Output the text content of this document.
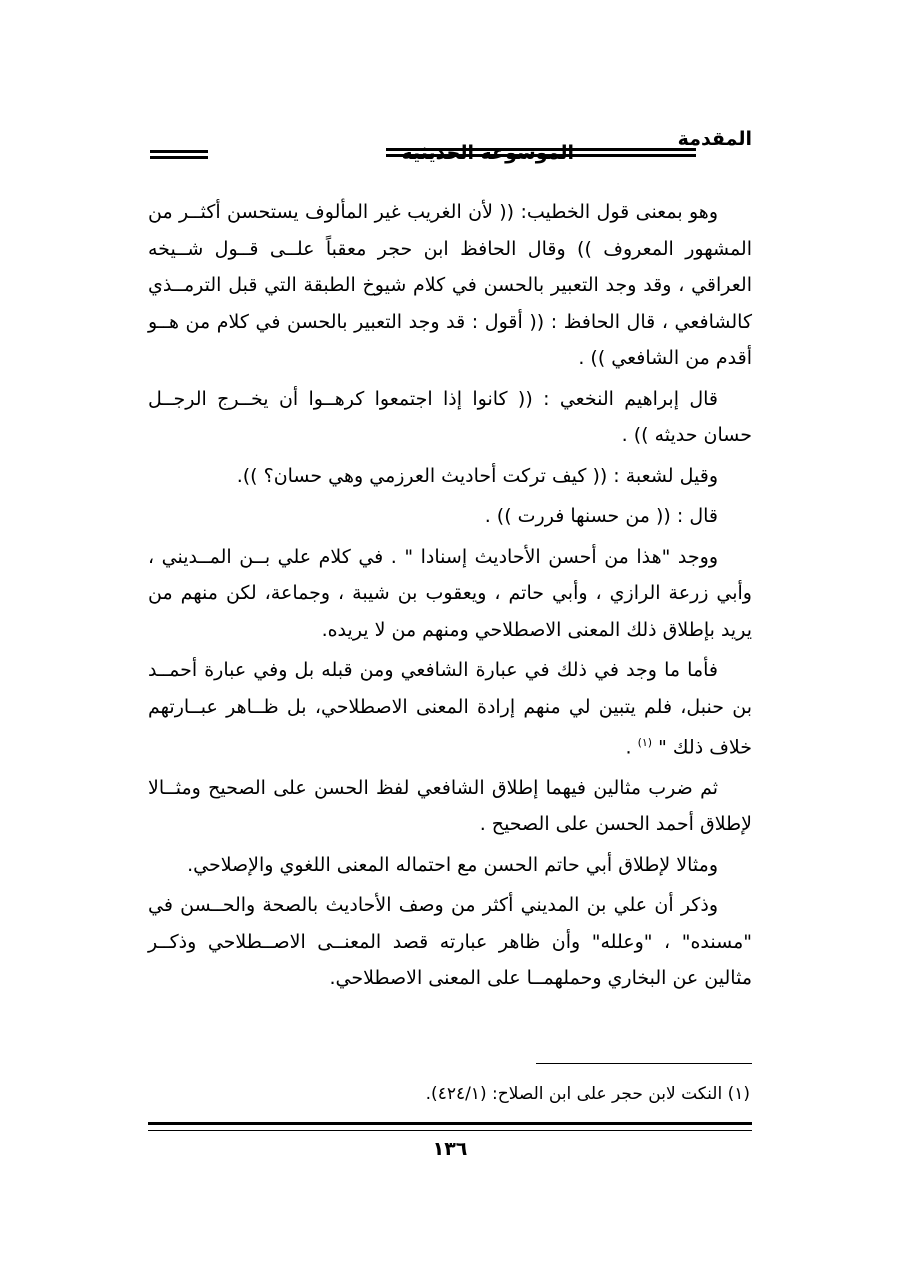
المقدمة
الموسوعة الحديثية

وهو بمعنى قول الخطيب: (( لأن الغريب غير المألوف يستحسن أكثــر من المشهور المعروف )) وقال الحافظ ابن حجر معقباً علــى قــول شــيخه العراقي ، وقد وجد التعبير بالحسن في كلام شيوخ الطبقة التي قبل الترمــذي كالشافعي ، قال الحافظ : (( أقول : قد وجد التعبير بالحسن في كلام من هــو أقدم من الشافعي )) .

قال إبراهيم النخعي : (( كانوا إذا اجتمعوا كرهــوا أن يخــرج الرجــل حسان حديثه )) .

وقيل لشعبة : (( كيف تركت أحاديث العرزمي وهي حسان؟ )).

قال : (( من حسنها فررت )) .

ووجد "هذا من أحسن الأحاديث إسنادا " . في كلام علي بــن المــديني ، وأبي زرعة الرازي ، وأبي حاتم ، ويعقوب بن شيبة ، وجماعة، لكن منهم من يريد بإطلاق ذلك المعنى الاصطلاحي ومنهم من لا يريده.

فأما ما وجد في ذلك في عبارة الشافعي ومن قبله بل وفي عبارة أحمــد بن حنبل، فلم يتبين لي منهم إرادة المعنى الاصطلاحي، بل ظــاهر عبــارتهم خلاف ذلك " $^{(١)}$ .

ثم ضرب مثالين فيهما إطلاق الشافعي لفظ الحسن على الصحيح ومثــالا لإطلاق أحمد الحسن على الصحيح .

ومثالا لإطلاق أبي حاتم الحسن مع احتماله المعنى اللغوي والإصلاحي.

وذكر أن علي بن المديني أكثر من وصف الأحاديث بالصحة والحــسن في "مسنده" ، "وعلله" وأن ظاهر عبارته قصد المعنــى الاصــطلاحي وذكــر مثالين عن البخاري وحملهمــا على المعنى الاصطلاحي.

(١) النكت لابن حجر على ابن الصلاح: (٤٢٤/١).
١٣٦
